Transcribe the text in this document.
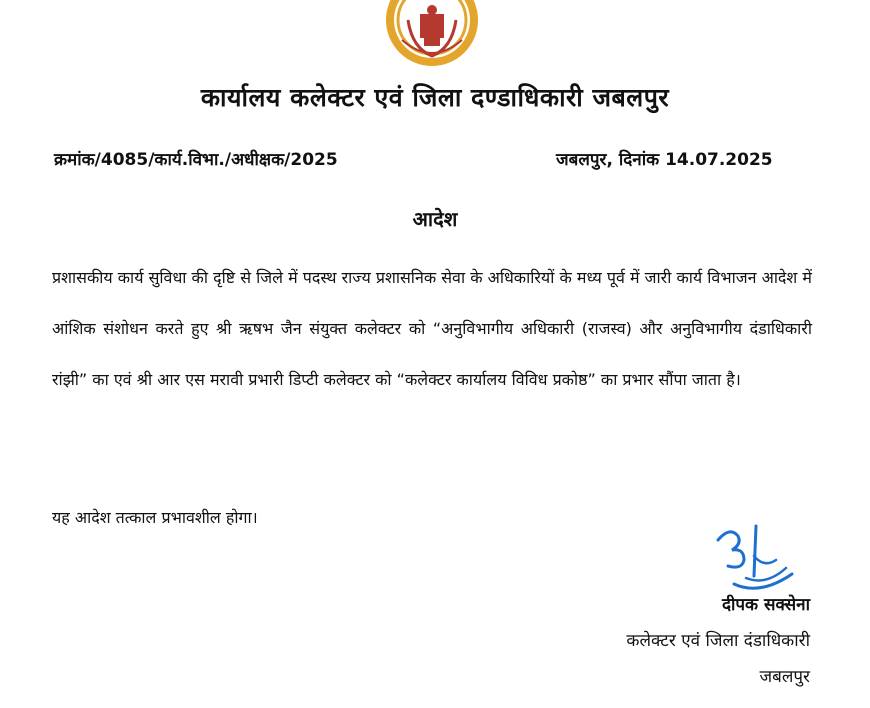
कार्यालय कलेक्टर एवं जिला दण्डाधिकारी जबलपुर
क्रमांक/4085/कार्य.विभा./अधीक्षक/2025	जबलपुर, दिनांक 14.07.2025
आदेश
प्रशासकीय कार्य सुविधा की दृष्टि से जिले में पदस्थ राज्य प्रशासनिक सेवा के अधिकारियों के मध्य पूर्व में जारी कार्य विभाजन आदेश में आंशिक संशोधन करते हुए श्री ऋषभ जैन संयुक्त कलेक्टर को “अनुविभागीय अधिकारी (राजस्व) और अनुविभागीय दंडाधिकारी रांझी” का एवं श्री आर एस मरावी प्रभारी डिप्टी कलेक्टर को “कलेक्टर कार्यालय विविध प्रकोष्ठ” का प्रभार सौंपा जाता है।
यह आदेश तत्काल प्रभावशील होगा।
दीपक सक्सेना
कलेक्टर एवं जिला दंडाधिकारी
जबलपुर
